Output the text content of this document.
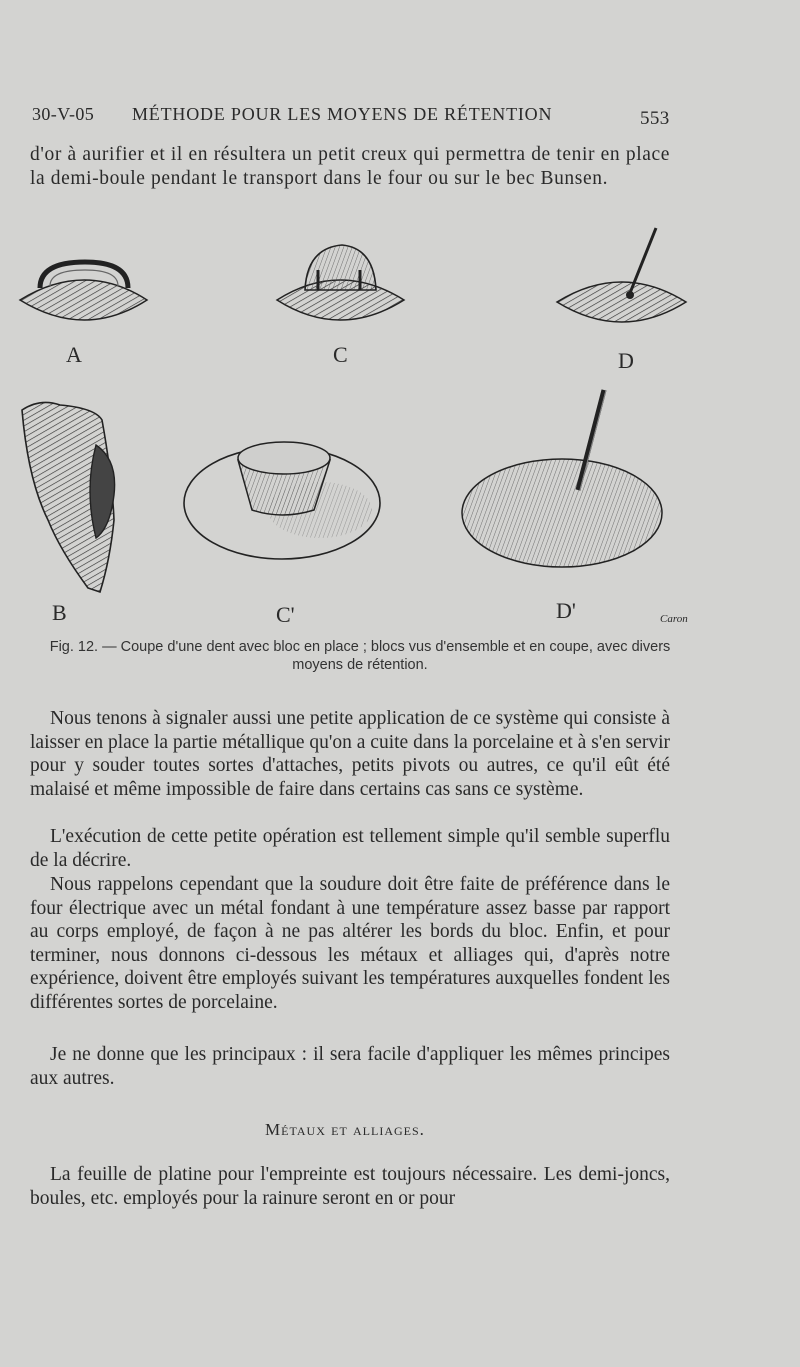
30-V-05 MÉTHODE POUR LES MOYENS DE RÉTENTION	553

d'or à aurifier et il en résultera un petit creux qui permettra de tenir en place la demi-boule pendant le transport dans le four ou sur le bec Bunsen.

A	C	D
B	C'	D'	Caron
Fig. 12. — Coupe d'une dent avec bloc en place ; blocs vus d'ensemble et en coupe, avec divers moyens de rétention.

Nous tenons à signaler aussi une petite application de ce système qui consiste à laisser en place la partie métallique qu'on a cuite dans la porcelaine et à s'en servir pour y souder toutes sortes d'attaches, petits pivots ou autres, ce qu'il eût été malaisé et même impossible de faire dans certains cas sans ce système.

L'exécution de cette petite opération est tellement simple qu'il semble superflu de la décrire.

Nous rappelons cependant que la soudure doit être faite de préférence dans le four électrique avec un métal fondant à une température assez basse par rapport au corps employé, de façon à ne pas altérer les bords du bloc. Enfin, et pour terminer, nous donnons ci-dessous les métaux et alliages qui, d'après notre expérience, doivent être employés suivant les températures auxquelles fondent les différentes sortes de porcelaine.

Je ne donne que les principaux : il sera facile d'appliquer les mêmes principes aux autres.

Métaux et alliages.

La feuille de platine pour l'empreinte est toujours nécessaire. Les demi-joncs, boules, etc. employés pour la rainure seront en or pour
